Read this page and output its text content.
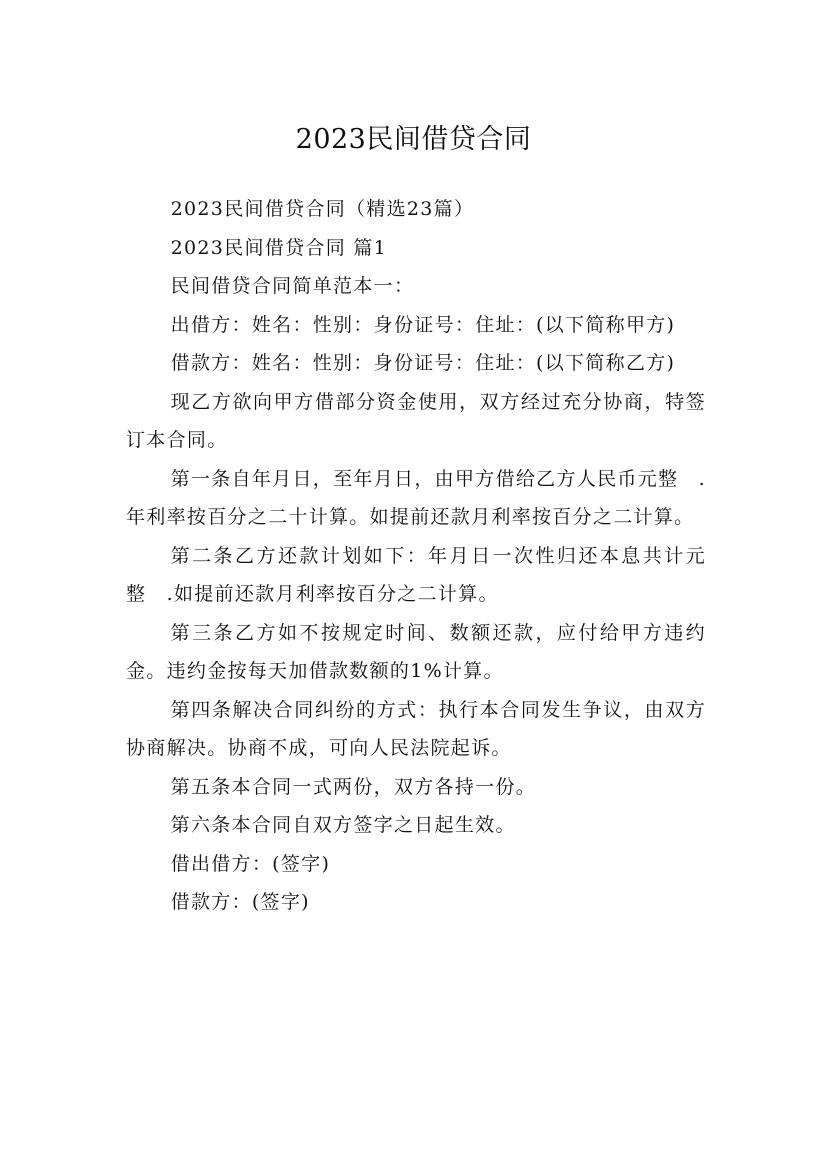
2023民间借贷合同

2023民间借贷合同（精选23篇）

2023民间借贷合同 篇1

民间借贷合同简单范本一：

出借方：姓名：性别：身份证号：住址：(以下简称甲方)

借款方：姓名：性别：身份证号：住址：(以下简称乙方)

现乙方欲向甲方借部分资金使用，双方经过充分协商，特签订本合同。

第一条自年月日，至年月日，由甲方借给乙方人民币元整　.年利率按百分之二十计算。如提前还款月利率按百分之二计算。

第二条乙方还款计划如下：年月日一次性归还本息共计元整　.如提前还款月利率按百分之二计算。

第三条乙方如不按规定时间、数额还款，应付给甲方违约金。违约金按每天加借款数额的1%计算。

第四条解决合同纠纷的方式：执行本合同发生争议，由双方协商解决。协商不成，可向人民法院起诉。

第五条本合同一式两份，双方各持一份。

第六条本合同自双方签字之日起生效。

借出借方：(签字)

借款方：(签字)
